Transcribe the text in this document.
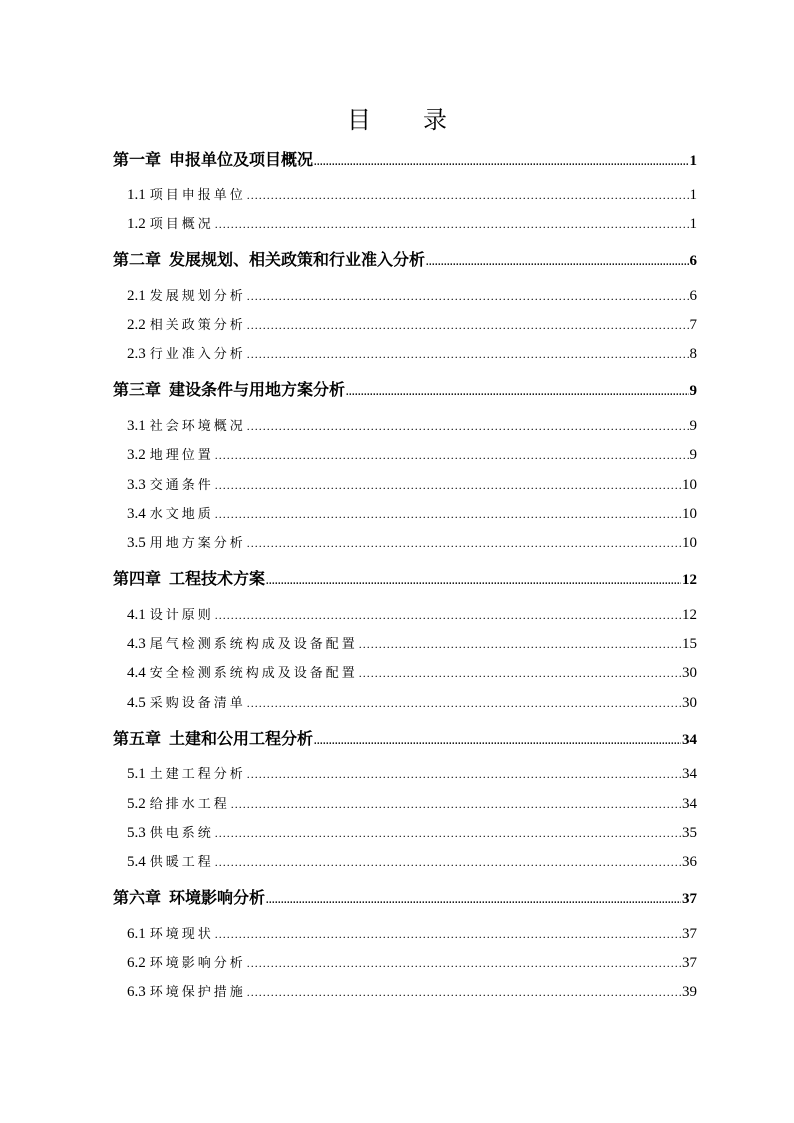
目 录
第一章 申报单位及项目概况 .....	1
1.1 项目申报单位 .....	1
1.2 项目概况 .....	1
第二章 发展规划、相关政策和行业准入分析 .....	6
2.1 发展规划分析 .....	6
2.2 相关政策分析 .....	7
2.3 行业准入分析 .....	8
第三章 建设条件与用地方案分析 .....	9
3.1 社会环境概况 .....	9
3.2 地理位置 .....	9
3.3 交通条件 .....	10
3.4 水文地质 .....	10
3.5 用地方案分析 .....	10
第四章 工程技术方案 .....	12
4.1 设计原则 .....	12
4.3 尾气检测系统构成及设备配置 .....	15
4.4 安全检测系统构成及设备配置 .....	30
4.5 采购设备清单 .....	30
第五章 土建和公用工程分析 .....	34
5.1 土建工程分析 .....	34
5.2 给排水工程 .....	34
5.3 供电系统 .....	35
5.4 供暖工程 .....	36
第六章 环境影响分析 .....	37
6.1 环境现状 .....	37
6.2 环境影响分析 .....	37
6.3 环境保护措施 .....	39
